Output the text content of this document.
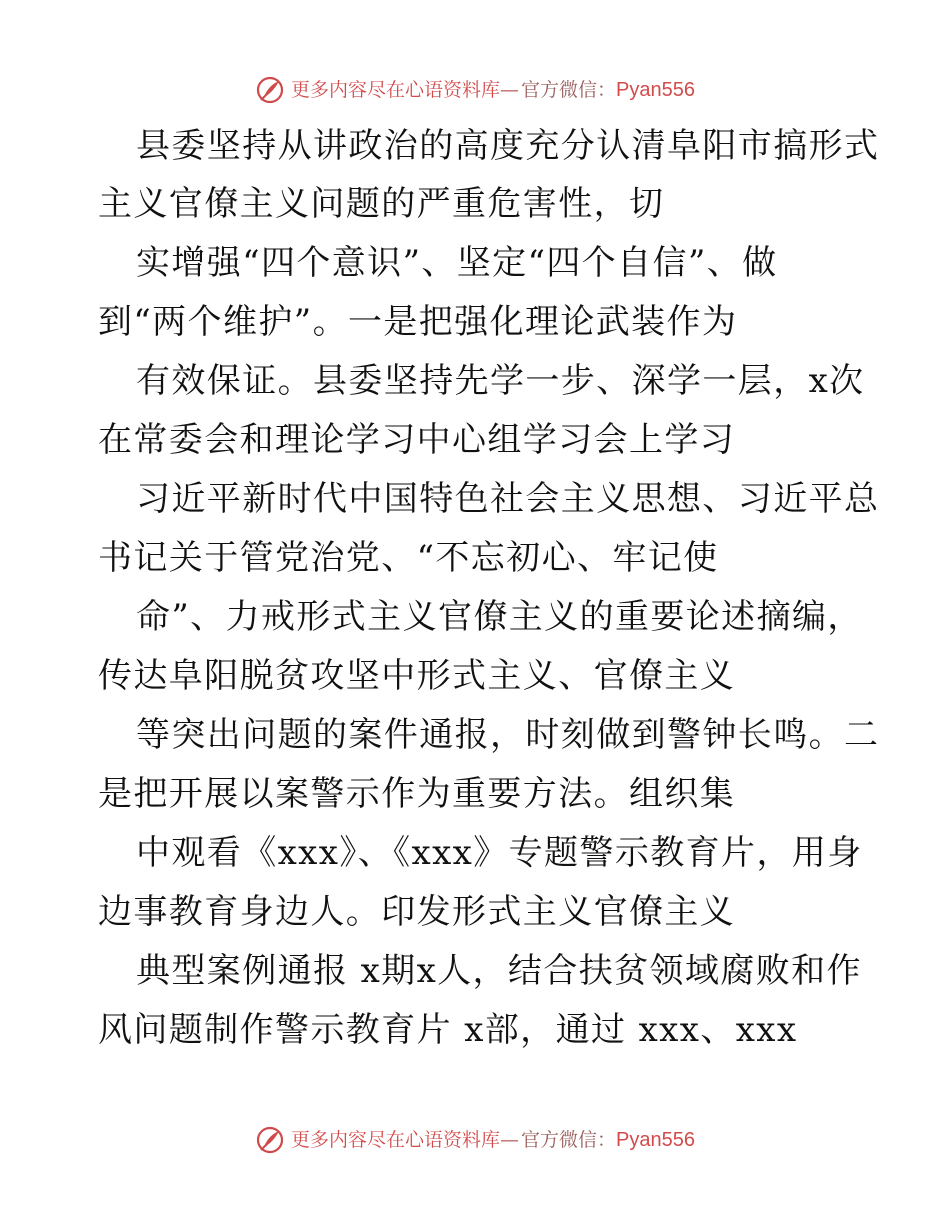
更多内容尽在心语资料库 — 官方微信： Pyan556
县委坚持从讲政治的高度充分认清阜阳市搞形式
主义官僚主义问题的严重危害性，切
实增强“四个意识”、坚定“四个自信”、做
到“两个维护”。一是把强化理论武装作为
有效保证。县委坚持先学一步、深学一层，x次
在常委会和理论学习中心组学习会上学习
习近平新时代中国特色社会主义思想、习近平总
书记关于管党治党、“不忘初心、牢记使
命”、力戒形式主义官僚主义的重要论述摘编，
传达阜阳脱贫攻坚中形式主义、官僚主义
等突出问题的案件通报，时刻做到警钟长鸣。二
是把开展以案警示作为重要方法。组织集
中观看《xxx》、《xxx》专题警示教育片，用身
边事教育身边人。印发形式主义官僚主义
典型案例通报 x期x人，结合扶贫领域腐败和作
风问题制作警示教育片 x部，通过 xxx、xxx
更多内容尽在心语资料库 — 官方微信： Pyan556
